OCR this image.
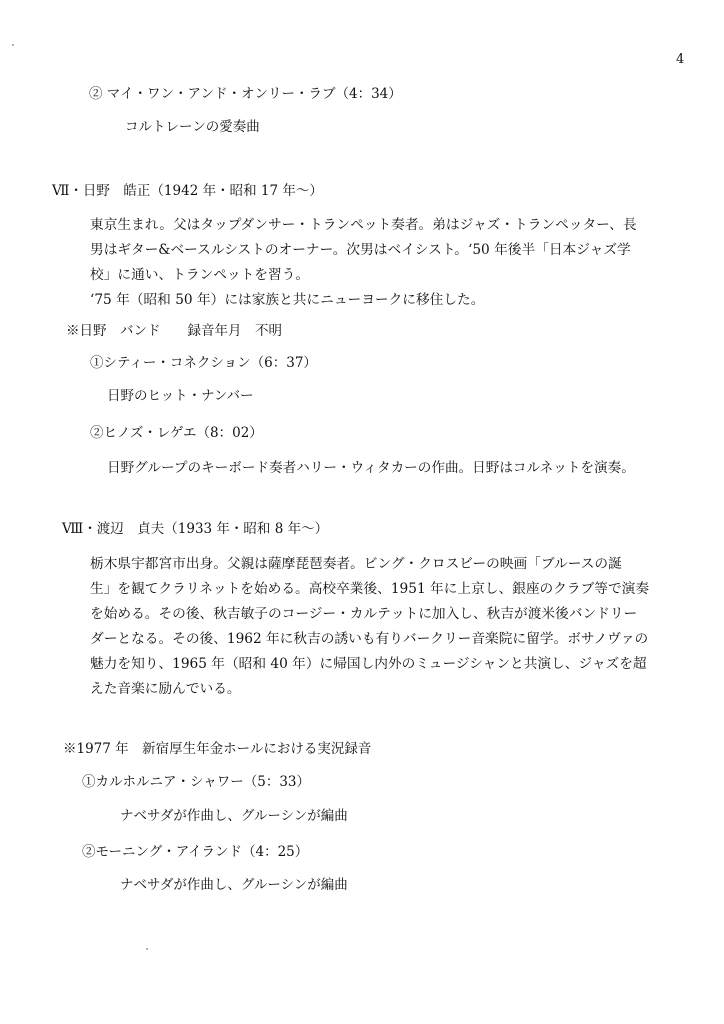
4
② マイ・ワン・アンド・オンリー・ラブ（4：34）
コルトレーンの愛奏曲
Ⅶ・日野　皓正（1942 年・昭和 17 年～）
東京生まれ。父はタップダンサー・トランペット奏者。弟はジャズ・トランペッター、長
男はギター&ベースルシストのオーナー。次男はベイシスト。‘50 年後半「日本ジャズ学
校」に通い、トランペットを習う。
‘75 年（昭和 50 年）には家族と共にニューヨークに移住した。
※日野　バンド　　録音年月　不明
①シティー・コネクション（6：37）
日野のヒット・ナンバー
②ヒノズ・レゲエ（8：02）
日野グループのキーボード奏者ハリー・ウィタカーの作曲。日野はコルネットを演奏。
Ⅷ・渡辺　貞夫（1933 年・昭和 8 年～）
栃木県宇都宮市出身。父親は薩摩琵琶奏者。ビング・クロスビーの映画「ブルースの誕
生」を観てクラリネットを始める。高校卒業後、1951 年に上京し、銀座のクラブ等で演奏
を始める。その後、秋吉敏子のコージー・カルテットに加入し、秋吉が渡米後バンドリー
ダーとなる。その後、1962 年に秋吉の誘いも有りバークリー音楽院に留学。ボサノヴァの
魅力を知り、1965 年（昭和 40 年）に帰国し内外のミュージシャンと共演し、ジャズを超
えた音楽に励んでいる。
※1977 年　新宿厚生年金ホールにおける実況録音
①カルホルニア・シャワー（5：33）
ナベサダが作曲し、グルーシンが編曲
②モーニング・アイランド（4：25）
ナベサダが作曲し、グルーシンが編曲
